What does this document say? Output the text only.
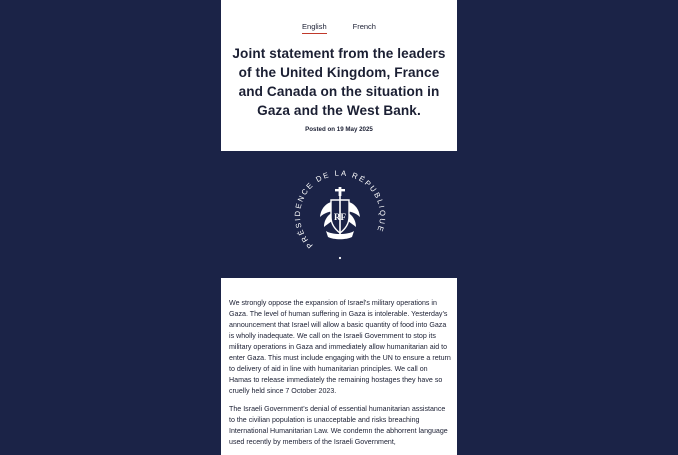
English	French
Joint statement from the leaders of the United Kingdom, France and Canada on the situation in Gaza and the West Bank.
Posted on 19 May 2025
PRÉSIDENCE DE LA RÉPUBLIQUE
RF

We strongly oppose the expansion of Israel’s military operations in Gaza. The level of human suffering in Gaza is intolerable. Yesterday’s announcement that Israel will allow a basic quantity of food into Gaza is wholly inadequate. We call on the Israeli Government to stop its military operations in Gaza and immediately allow humanitarian aid to enter Gaza. This must include engaging with the UN to ensure a return to delivery of aid in line with humanitarian principles. We call on Hamas to release immediately the remaining hostages they have so cruelly held since 7 October 2023.

The Israeli Government’s denial of essential humanitarian assistance to the civilian population is unacceptable and risks breaching International Humanitarian Law. We condemn the abhorrent language used recently by members of the Israeli Government,
